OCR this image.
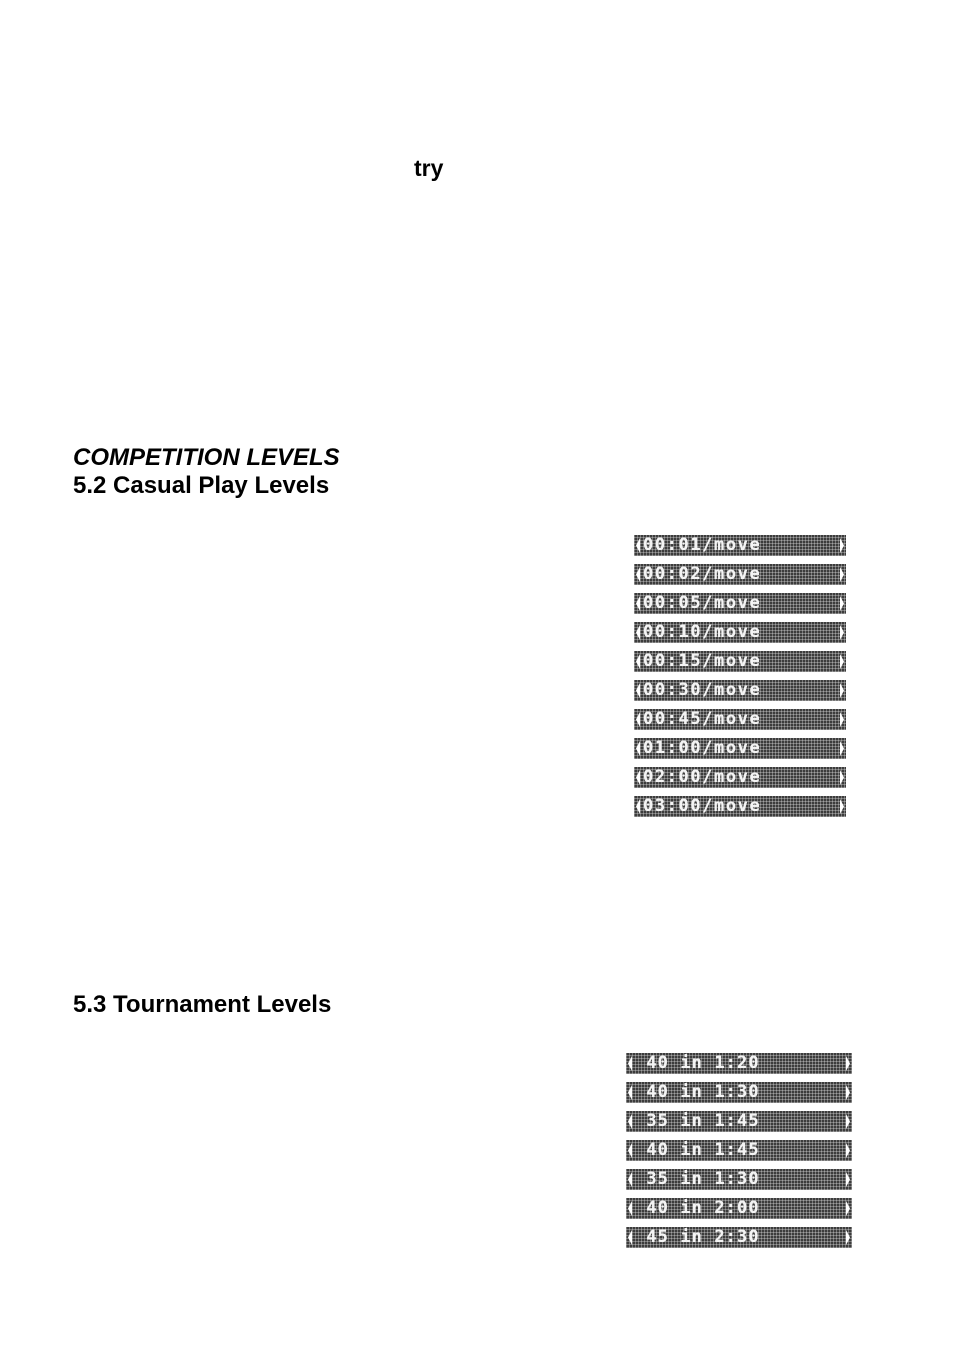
try
COMPETITION LEVELS
5.2 Casual Play Levels
00:01/move
00:02/move
00:05/move
00:10/move
00:15/move
00:30/move
00:45/move
01:00/move
02:00/move
03:00/move
5.3 Tournament Levels
40 in 1:20
40 in 1:30
35 in 1:45
40 in 1:45
35 in 1:30
40 in 2:00
45 in 2:30
